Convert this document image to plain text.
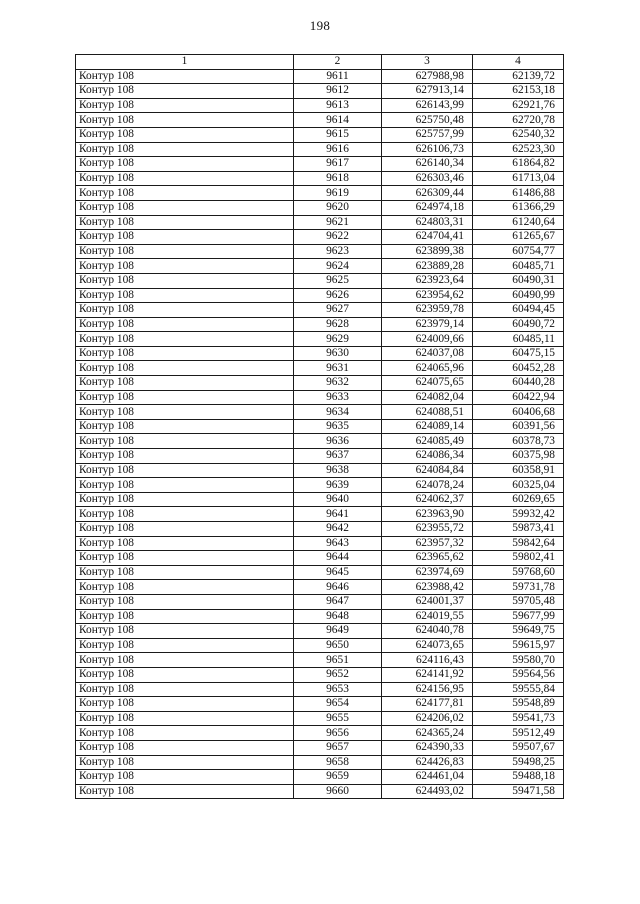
198
1	2	3	4
Контур 108	9611	627988,98	62139,72
Контур 108	9612	627913,14	62153,18
Контур 108	9613	626143,99	62921,76
Контур 108	9614	625750,48	62720,78
Контур 108	9615	625757,99	62540,32
Контур 108	9616	626106,73	62523,30
Контур 108	9617	626140,34	61864,82
Контур 108	9618	626303,46	61713,04
Контур 108	9619	626309,44	61486,88
Контур 108	9620	624974,18	61366,29
Контур 108	9621	624803,31	61240,64
Контур 108	9622	624704,41	61265,67
Контур 108	9623	623899,38	60754,77
Контур 108	9624	623889,28	60485,71
Контур 108	9625	623923,64	60490,31
Контур 108	9626	623954,62	60490,99
Контур 108	9627	623959,78	60494,45
Контур 108	9628	623979,14	60490,72
Контур 108	9629	624009,66	60485,11
Контур 108	9630	624037,08	60475,15
Контур 108	9631	624065,96	60452,28
Контур 108	9632	624075,65	60440,28
Контур 108	9633	624082,04	60422,94
Контур 108	9634	624088,51	60406,68
Контур 108	9635	624089,14	60391,56
Контур 108	9636	624085,49	60378,73
Контур 108	9637	624086,34	60375,98
Контур 108	9638	624084,84	60358,91
Контур 108	9639	624078,24	60325,04
Контур 108	9640	624062,37	60269,65
Контур 108	9641	623963,90	59932,42
Контур 108	9642	623955,72	59873,41
Контур 108	9643	623957,32	59842,64
Контур 108	9644	623965,62	59802,41
Контур 108	9645	623974,69	59768,60
Контур 108	9646	623988,42	59731,78
Контур 108	9647	624001,37	59705,48
Контур 108	9648	624019,55	59677,99
Контур 108	9649	624040,78	59649,75
Контур 108	9650	624073,65	59615,97
Контур 108	9651	624116,43	59580,70
Контур 108	9652	624141,92	59564,56
Контур 108	9653	624156,95	59555,84
Контур 108	9654	624177,81	59548,89
Контур 108	9655	624206,02	59541,73
Контур 108	9656	624365,24	59512,49
Контур 108	9657	624390,33	59507,67
Контур 108	9658	624426,83	59498,25
Контур 108	9659	624461,04	59488,18
Контур 108	9660	624493,02	59471,58
